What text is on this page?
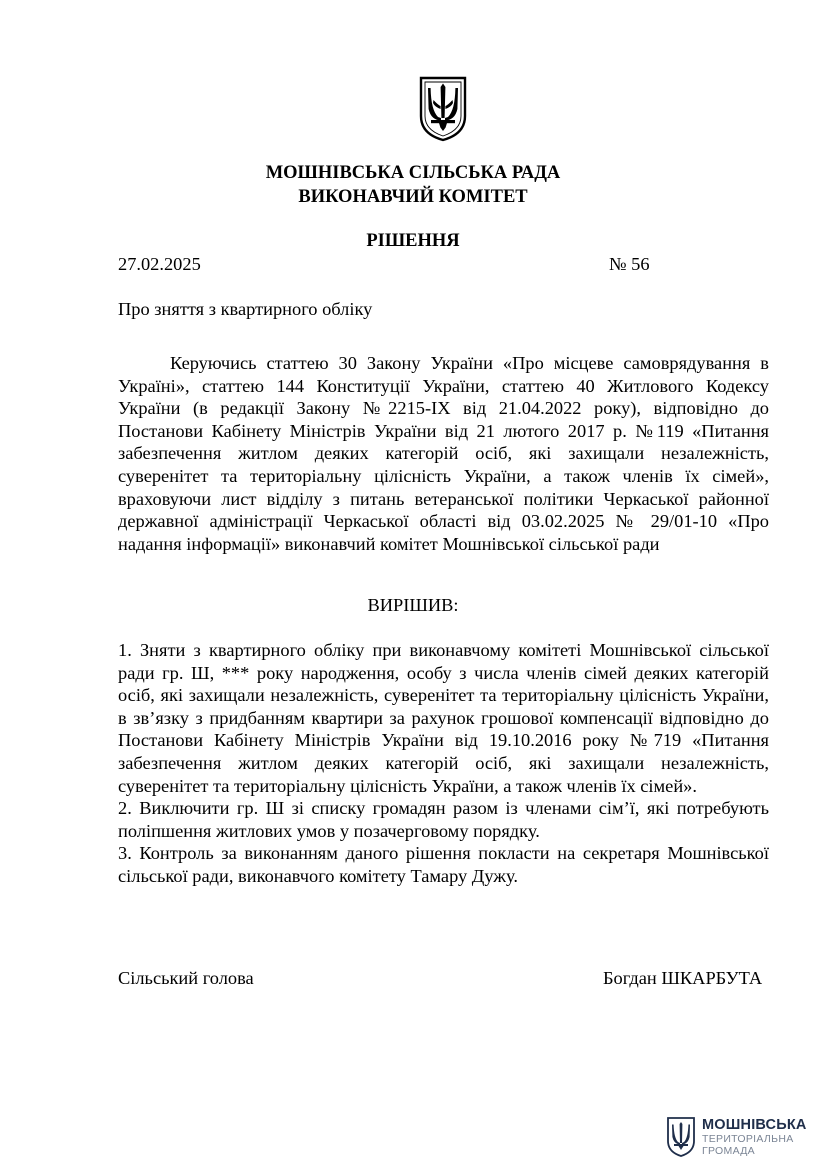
МОШНІВСЬКА СІЛЬСЬКА РАДА
ВИКОНАВЧИЙ КОМІТЕТ
РІШЕННЯ
27.02.2025	№ 56
Про зняття з квартирного обліку

Керуючись статтею 30 Закону України «Про місцеве самоврядування в Україні», статтею 144 Конституції України, статтею 40 Житлового Кодексу України (в редакції Закону №2215-ІХ від 21.04.2022 року), відповідно до Постанови Кабінету Міністрів України від 21 лютого 2017 р. №119 «Питання забезпечення житлом деяких категорій осіб, які захищали незалежність, суверенітет та територіальну цілісність України, а також членів їх сімей», враховуючи лист відділу з питань ветеранської політики Черкаської районної державної адміністрації Черкаської області від 03.02.2025 № 29/01-10 «Про надання інформації» виконавчий комітет Мошнівської сільської ради

ВИРІШИВ:

1. Зняти з квартирного обліку при виконавчому комітеті Мошнівської сільської ради гр. Ш, *** року народження, особу з числа членів сімей деяких категорій осіб, які захищали незалежність, суверенітет та територіальну цілісність України, в зв’язку з придбанням квартири за рахунок грошової компенсації відповідно до Постанови Кабінету Міністрів України від 19.10.2016 року №719 «Питання забезпечення житлом деяких категорій осіб, які захищали незалежність, суверенітет та територіальну цілісність України, а також членів їх сімей».

2. Виключити гр. Ш зі списку громадян разом із членами сім’ї, які потребують поліпшення житлових умов у позачерговому порядку.

3. Контроль за виконанням даного рішення покласти на секретаря Мошнівської сільської ради, виконавчого комітету Тамару Дужу.

Сільський голова	Богдан ШКАРБУТА
МОШНІВСЬКА
ТЕРИТОРІАЛЬНА
ГРОМАДА
